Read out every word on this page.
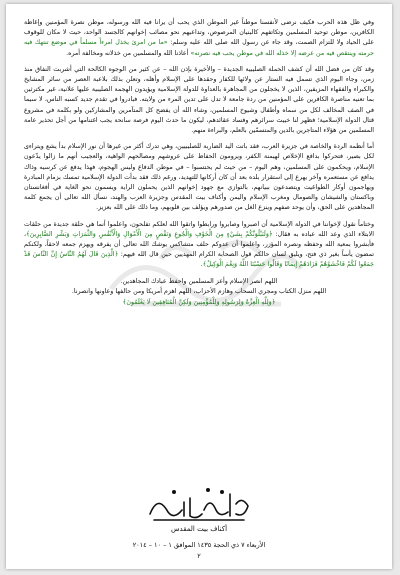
وفي ظل هذه الحرب فكيف نرضى لأنفسنا موطناً غير الموطن الذي يحب أن يرانا فيه الله ورسوله، موطن نصرة المؤمنين وإغاظة الكافرين، موطن توحيد المسلمين وتكاتفهم كالبنيان المرصوص، وتداعيهم نحو مصائب إخوانهم كالجسد الواحد، حيث لا مكان للوقوف على الحياد ولا للتزام الصمت، وقد جاء عن رسول الله صلى الله عليه وسلم: «ما من امرئ يخذل امرءاً مسلماً في موضع تنتهك فيه حرمته وينتقص فيه من عرضه إلا خذله الله في موطن يحب فيه نصرته» أعاذنا الله والمسلمين من خذلانه ومخالفة أمره.

وقد كان من فضل الله أن كشف الحملة الصليبية الجديدة – والأخيرة بإذن الله – عن كثير من الوجوه الكالحة التي أشربت النفاق منذ زمن، وجاء اليوم الذي تسمل فيه الستار عن ولائها للكفار وحقدها على الإسلام وأهله، وتعلن بذلك بلاعبة العصر من سائر المشايخ والكبراء والفقهاء المزيفين، الذين لا يخجلون من المجاهرة بالعداوة للدولة الإسلامية ويؤيدون الهجمة الصليبية عليها علانية، غير مكترثين بما تعنيه مناصرة الكافرين على المؤمنين من ردة جامعة لا تدل على تدين المرء من ولايته. فبادروا في تقدم جديد كسبه الناس، لا سيما في الصف المخالف لكل من سماه وأطفال وشيوخ المسلمين، وشاء الله أن يفضح كل المتآمرين والمشاركين ولو بكلمة في مشروع قتال الدولة الإسلامية؛ فظهر لنا خبيث سرائرهم وفساد عقائدهم، ليكون ما حدث اليوم فرصة سانحة يجب اغتنامها من أجل تحذير عامة المسلمين من هؤلاء المتاجرين بالدين والمتسمّين بالعلم، والبراءة منهم.

أما أنظمة الردة والخاصة في جزيرة العرب، فقد باتت اليد الضاربة للصليبيين، وهي تدرك أكثر من غيرها أن نور الإسلام بدأ يشع ويتراءى لكل بصير، فتحركوا بدافع الإخلاص لهيمنة الكفر، ويرومون الحفاظ على عروشهم ومصالحهم الواهية، والعجيب أنهم ما زالوا يدّعون الإسلام، ويحكمون على المسلمين، وهم اليوم – من حيث لم يحتسبوا – في موطن الدفاع وليس الهجوم، فهذا يدفع عن كرسيه وذاك يدافع عن مستعمره وآخر يهرع إلى استقرار بلده بعد أن كان أركانها للتهديد، ورغم ذلك فقد بدأت الدولة الإسلامية تمسك بزمام المبادرة ويهاجمون أوكار الطواغيت ويتصدعون ببيانهم، بالتوازي مع جهود إخوانهم الذين يحملون الراية ويسمون نحو الغاية في أفغانستان وباكستان والشيشان والصومال ومغرب الإسلام واليمن وأكناف بيت المقدس وجزيرة العرب والهند، نسأل الله تعالى أن يجمع كلمة المجاهدين على الحق، وأن يوحد صفهم وينزع الغل من صدورهم ويؤلف بين قلوبهم، وما ذلك على الله بعزيز.

وختاماً نقول لإخواننا في الدولة الإسلامية أن اصبروا وصابروا ورابطوا واتقوا الله لعلكم تفلحون، واعلموا أنما هي حلقة جديدة من حلقات الابتلاء الذي وعد الله عباده به فقال: ﴿وَلَنَبْلُوَنَّكُمْ بِشَيْءٍ مِنَ الْخَوْفِ وَالْجُوعِ وَنَقْصٍ مِنَ الْأَمْوَالِ وَالْأَنْفُسِ وَالثَّمَرَاتِ وَبَشِّرِ الصَّابِرِينَ﴾، فأبشروا بمعية الله وحفظه ونصره المؤزر، واعلموا أن عدوكم حلف متشاكس يوشك الله تعالى أن يفرقه ويهزم جمعه لاحقاً، ولكنكم تمضون يأساً بغير ذي فتح، ويليق لسان حالكم قول الصحابة الكرام المهديين حين قال الله فيهم: ﴿الَّذِينَ قَالَ لَهُمُ النَّاسُ إِنَّ النَّاسَ قَدْ جَمَعُوا لَكُمْ فَاخْشَوْهُمْ فَزَادَهُمْ إِيمَانًا وَقَالُوا حَسْبُنَا اللَّهُ وَنِعْمَ الْوَكِيلُ﴾.

اللهم انصر الإسلام وأعز المسلمين واحفظ عبادك المجاهدين.
اللهم منزل الكتاب ومجري السحاب وهازم الأحزاب، اللهم اهزم أمريكا ومن حالفها وعاونها وانصرنا.
﴿وَلِلَّهِ الْعِزَّةُ وَلِرَسُولِهِ وَلِلْمُؤْمِنِينَ وَلَكِنَّ الْمُنَافِقِينَ لَا يَعْلَمُونَ﴾
أكناف بيت المقدس
الأربعاء ٧ ذي الحجة ١٤٣٥ الموافق ١ – ١٠ – ٢٠١٤
٢
